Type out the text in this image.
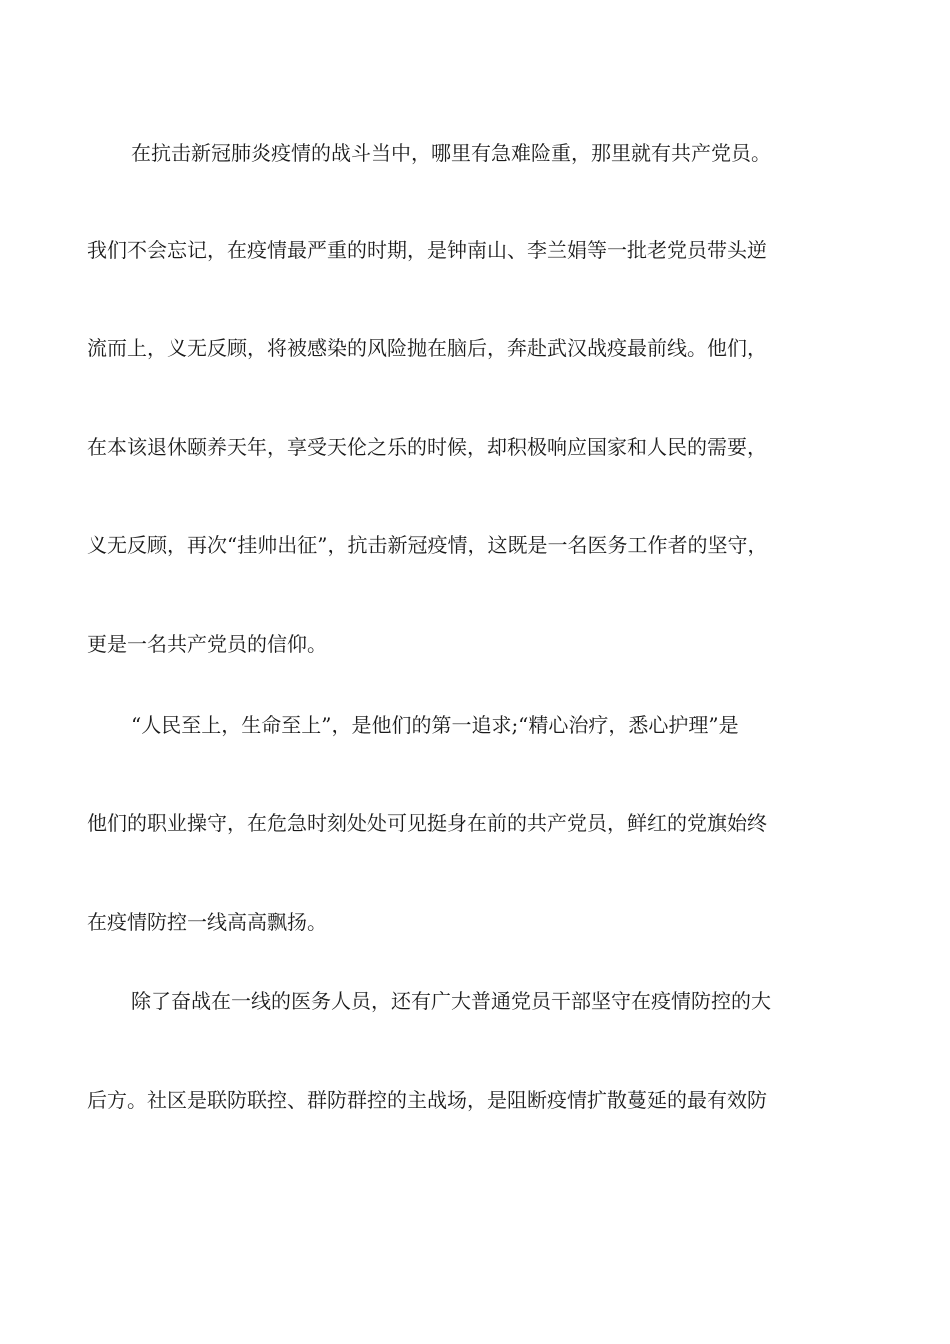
在抗击新冠肺炎疫情的战斗当中，哪里有急难险重，那里就有共产党员。
我们不会忘记，在疫情最严重的时期，是钟南山、李兰娟等一批老党员带头逆
流而上，义无反顾，将被感染的风险抛在脑后，奔赴武汉战疫最前线。他们，
在本该退休颐养天年，享受天伦之乐的时候，却积极响应国家和人民的需要，
义无反顾，再次“挂帅出征”，抗击新冠疫情，这既是一名医务工作者的坚守，
更是一名共产党员的信仰。
“人民至上，生命至上”，是他们的第一追求;“精心治疗，悉心护理”是
他们的职业操守，在危急时刻处处可见挺身在前的共产党员，鲜红的党旗始终
在疫情防控一线高高飘扬。
除了奋战在一线的医务人员，还有广大普通党员干部坚守在疫情防控的大
后方。社区是联防联控、群防群控的主战场，是阻断疫情扩散蔓延的最有效防
